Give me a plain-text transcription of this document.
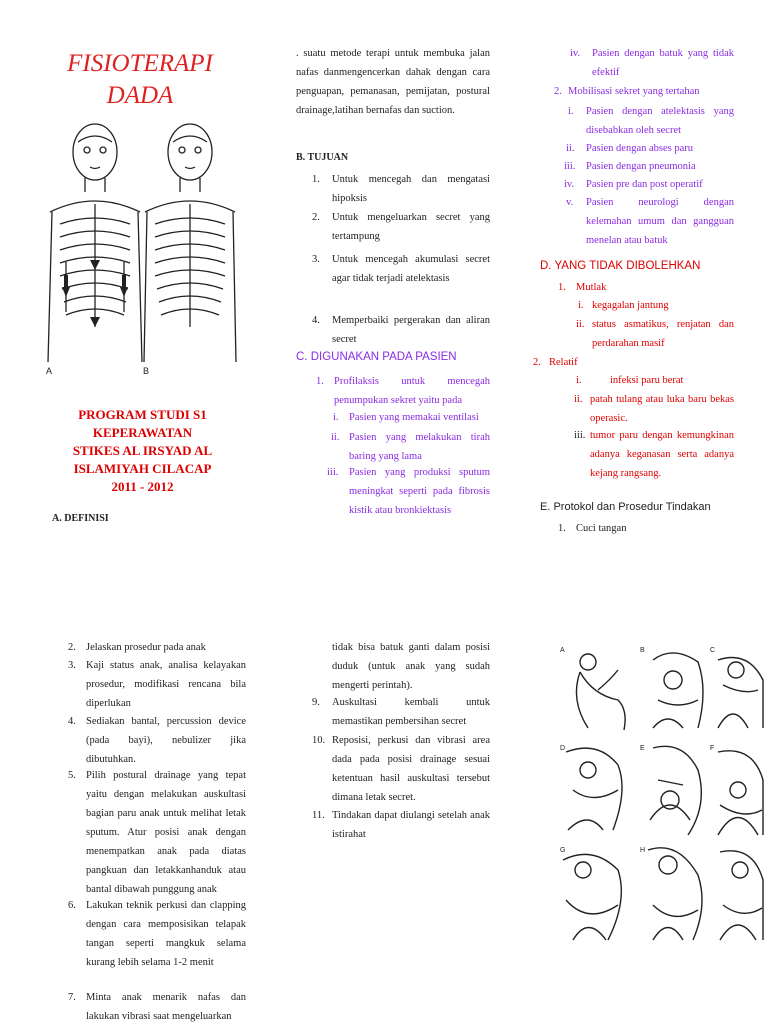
FISIOTERAPI
DADA
A	B
PROGRAM STUDI S1
KEPERAWATAN
STIKES AL IRSYAD AL
ISLAMIYAH CILACAP
2011 - 2012
A. DEFINISI
. suatu metode terapi untuk membuka jalan nafas danmengencerkan dahak dengan cara penguapan, pemanasan, pemijatan, postural drainage,latihan bernafas dan suction.
B. TUJUAN
1.	Untuk mencegah dan mengatasi hipoksis
2.	Untuk mengeluarkan secret yang tertampung
3.	Untuk mencegah akumulasi secret agar tidak terjadi atelektasis
4.	Memperbaiki pergerakan dan aliran secret
C. DIGUNAKAN PADA PASIEN
1. Profilaksis untuk mencegah penumpukan sekret yaitu pada
i. Pasien yang memakai ventilasi
ii. Pasien yang melakukan tirah baring yang lama
iii.	Pasien yang produksi sputum meningkat seperti pada fibrosis kistik atau bronkiektasis
iv.	Pasien dengan batuk yang tidak efektif
2. Mobilisasi sekret yang tertahan
i.	Pasien dengan atelektasis yang disebabkan oleh secret
ii.	Pasien dengan abses paru
iii.	Pasien dengan pneumonia
iv.	Pasien pre dan post operatif
v.	Pasien neurologi dengan kelemahan umum dan gangguan menelan atau batuk
D. YANG TIDAK DIBOLEHKAN
1. Mutlak
i. kegagalan jantung
ii. status asmatikus, renjatan dan perdarahan masif
2. Relatif
i.	infeksi paru berat
ii. patah tulang atau luka baru bekas operasic.
iii. tumor paru dengan kemungkinan adanya keganasan serta adanya kejang rangsang.
E. Protokol dan Prosedur Tindakan
1. Cuci tangan
2. Jelaskan prosedur pada anak
3. Kaji status anak, analisa kelayakan prosedur, modifikasi rencana bila diperlukan
4. Sediakan bantal, percussion device (pada bayi), nebulizer jika dibutuhkan.
5. Pilih postural drainage yang tepat yaitu dengan melakukan auskultasi bagian paru anak untuk melihat letak sputum. Atur posisi anak dengan menempatkan anak pada diatas pangkuan dan letakkanhanduk atau bantal dibawah punggung anak
6. Lakukan teknik perkusi dan clapping dengan cara memposisikan telapak tangan seperti mangkuk selama kurang lebih selama 1-2 menit
7. Minta anak menarik nafas dan lakukan vibrasi saat mengeluarkan
tidak bisa batuk ganti dalam posisi duduk (untuk anak yang sudah mengerti perintah).
9.	Auskultasi kembali untuk memastikan pembersihan secret
10. Reposisi, perkusi dan vibrasi area dada pada posisi drainage sesuai ketentuan hasil auskultasi tersebut dimana letak secret.
11. Tindakan dapat diulangi setelah anak istirahat
A	B	C
D	E	F
G	H
